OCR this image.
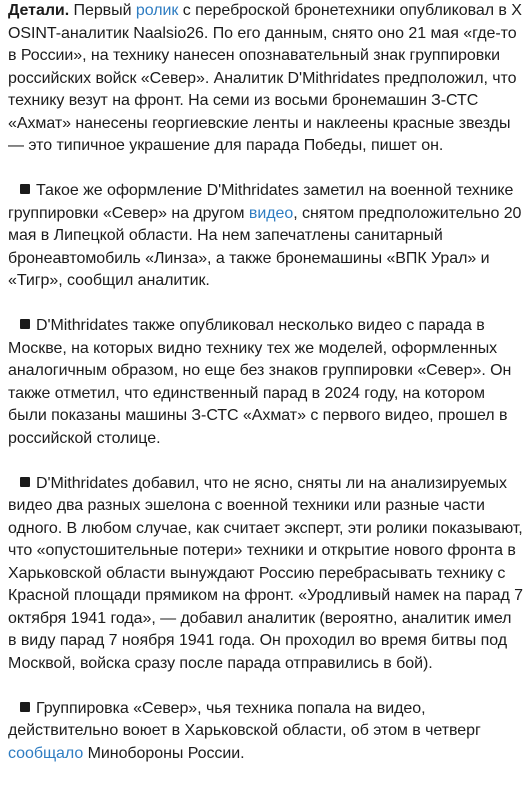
Детали. Первый ролик с переброской бронетехники опубликовал в X OSINT-аналитик Naalsio26. По его данным, снято оно 21 мая «где-то в России», на технику нанесен опознавательный знак группировки российских войск «Север». Аналитик D'Mithridates предположил, что технику везут на фронт. На семи из восьми бронемашин З-СТС «Ахмат» нанесены георгиевские ленты и наклеены красные звезды — это типичное украшение для парада Победы, пишет он.

Такое же оформление D'Mithridates заметил на военной технике группировки «Север» на другом видео, снятом предположительно 20 мая в Липецкой области. На нем запечатлены санитарный бронеавтомобиль «Линза», а также бронемашины «ВПК Урал» и «Тигр», сообщил аналитик.

D'Mithridates также опубликовал несколько видео с парада в Москве, на которых видно технику тех же моделей, оформленных аналогичным образом, но еще без знаков группировки «Север». Он также отметил, что единственный парад в 2024 году, на котором были показаны машины З-СТС «Ахмат» с первого видео, прошел в российской столице.

D'Mithridates добавил, что не ясно, сняты ли на анализируемых видео два разных эшелона с военной техники или разные части одного. В любом случае, как считает эксперт, эти ролики показывают, что «опустошительные потери» техники и открытие нового фронта в Харьковской области вынуждают Россию перебрасывать технику с Красной площади прямиком на фронт. «Уродливый намек на парад 7 октября 1941 года», — добавил аналитик (вероятно, аналитик имел в виду парад 7 ноября 1941 года. Он проходил во время битвы под Москвой, войска сразу после парада отправились в бой).

Группировка «Север», чья техника попала на видео, действительно воюет в Харьковской области, об этом в четверг сообщало Минобороны России.
